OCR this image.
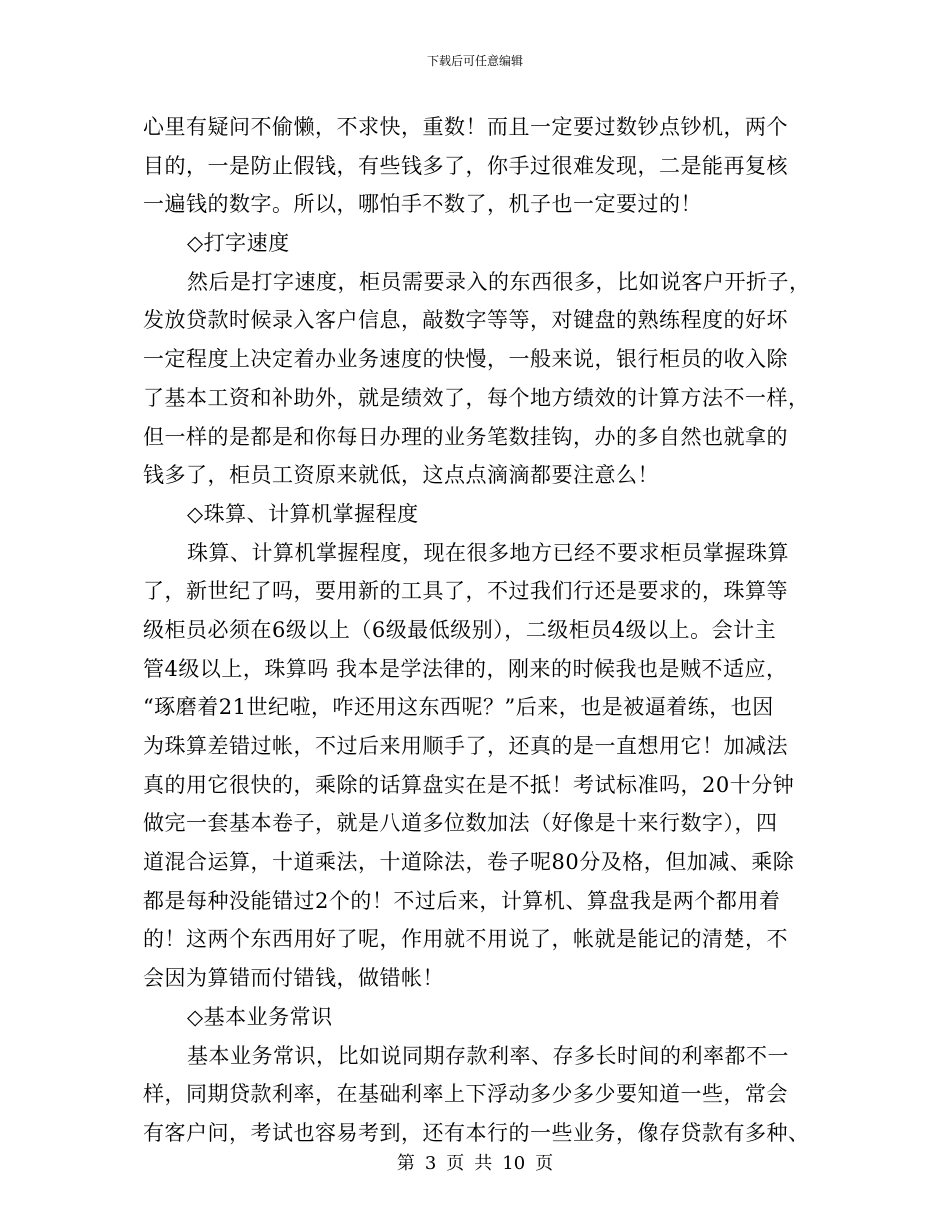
下载后可任意编辑
心里有疑问不偷懒，不求快，重数！而且一定要过数钞点钞机，两个
目的，一是防止假钱，有些钱多了，你手过很难发现，二是能再复核
一遍钱的数字。所以，哪怕手不数了，机子也一定要过的！
◇打字速度
然后是打字速度，柜员需要录入的东西很多，比如说客户开折子，
发放贷款时候录入客户信息，敲数字等等，对键盘的熟练程度的好坏
一定程度上决定着办业务速度的快慢，一般来说，银行柜员的收入除
了基本工资和补助外，就是绩效了，每个地方绩效的计算方法不一样，
但一样的是都是和你每日办理的业务笔数挂钩，办的多自然也就拿的
钱多了，柜员工资原来就低，这点点滴滴都要注意么！
◇珠算、计算机掌握程度
珠算、计算机掌握程度，现在很多地方已经不要求柜员掌握珠算
了，新世纪了吗，要用新的工具了，不过我们行还是要求的，珠算等
级柜员必须在6级以上（6级最低级别），二级柜员4级以上。会计主
管4级以上，珠算吗 我本是学法律的，刚来的时候我也是贼不适应，
“琢磨着21世纪啦，咋还用这东西呢？”后来，也是被逼着练，也因
为珠算差错过帐，不过后来用顺手了，还真的是一直想用它！加减法
真的用它很快的，乘除的话算盘实在是不抵！考试标准吗，20十分钟
做完一套基本卷子，就是八道多位数加法（好像是十来行数字），四
道混合运算，十道乘法，十道除法，卷子呢80分及格，但加减、乘除
都是每种没能错过2个的！不过后来，计算机、算盘我是两个都用着
的！这两个东西用好了呢，作用就不用说了，帐就是能记的清楚，不
会因为算错而付错钱，做错帐！
◇基本业务常识
基本业务常识，比如说同期存款利率、存多长时间的利率都不一
样，同期贷款利率，在基础利率上下浮动多少多少要知道一些，常会
有客户问，考试也容易考到，还有本行的一些业务，像存贷款有多种、
第 3 页 共 10 页
